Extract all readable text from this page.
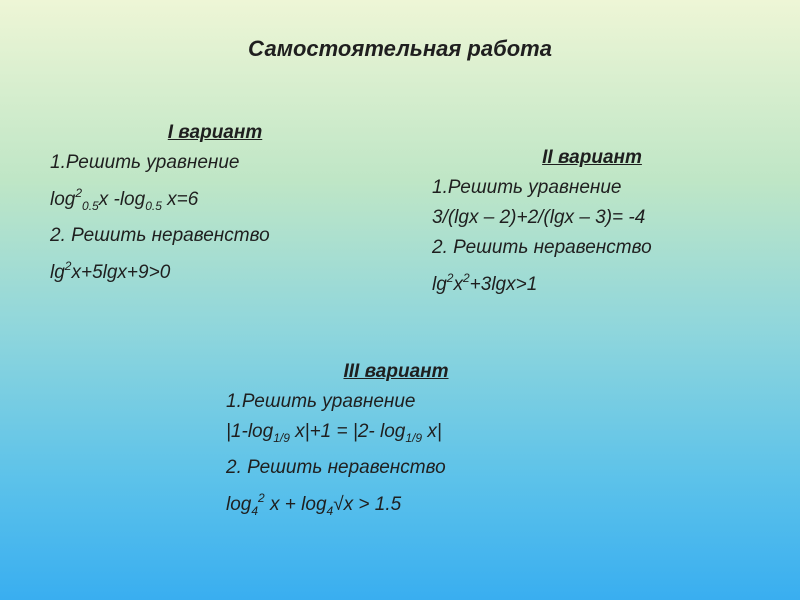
Самостоятельная работа
I вариант
1.Решить уравнение
$\log^2_{0.5}x$ $-\log_{0.5}$ x=6
2. Решить неравенство
$\lg^2x+5\lg x+9>0$
II вариант
1.Решить уравнение
3/(lgx – 2)+2/(lgx – 3)= -4
2. Решить неравенство
$\lg^2x^2+3\lg x>1$
III вариант
1.Решить уравнение
$|1-\log_{1/9}$ x|+1 = |2- $\log_{1/9} x|$
2. Решить неравенство
$\log_4^2 x + \log_4√x > 1.5$
